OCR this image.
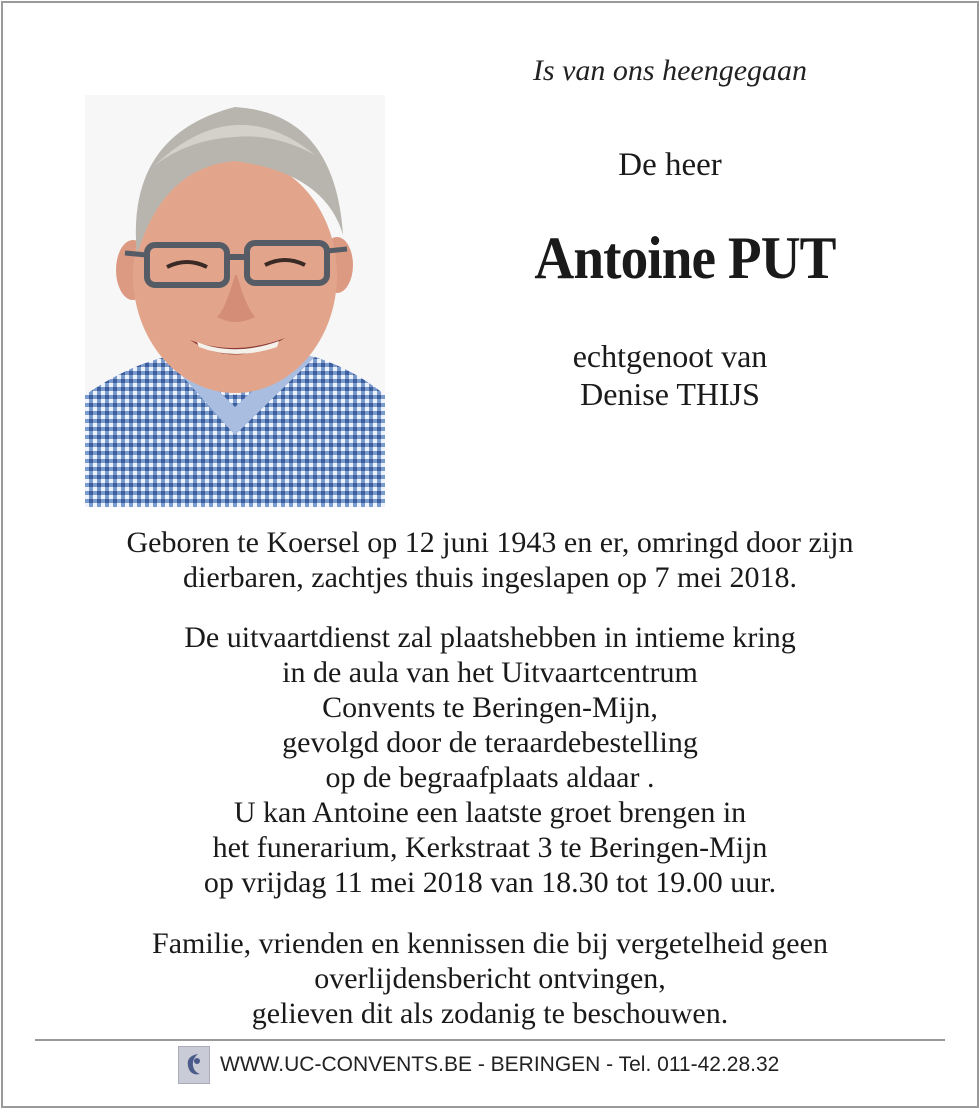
Is van ons heengegaan
De heer
Antoine PUT
echtgenoot van
Denise THIJS
Geboren te Koersel op 12 juni 1943 en er, omringd door zijn
dierbaren, zachtjes thuis ingeslapen op 7 mei 2018.
De uitvaartdienst zal plaatshebben in intieme kring
in de aula van het Uitvaartcentrum
Convents te Beringen-Mijn,
gevolgd door de teraardebestelling
op de begraafplaats aldaar .
U kan Antoine een laatste groet brengen in
het funerarium, Kerkstraat 3 te Beringen-Mijn
op vrijdag 11 mei 2018 van 18.30 tot 19.00 uur.
Familie, vrienden en kennissen die bij vergetelheid geen
overlijdensbericht ontvingen,
gelieven dit als zodanig te beschouwen.
WWW.UC-CONVENTS.BE - BERINGEN - Tel. 011-42.28.32
